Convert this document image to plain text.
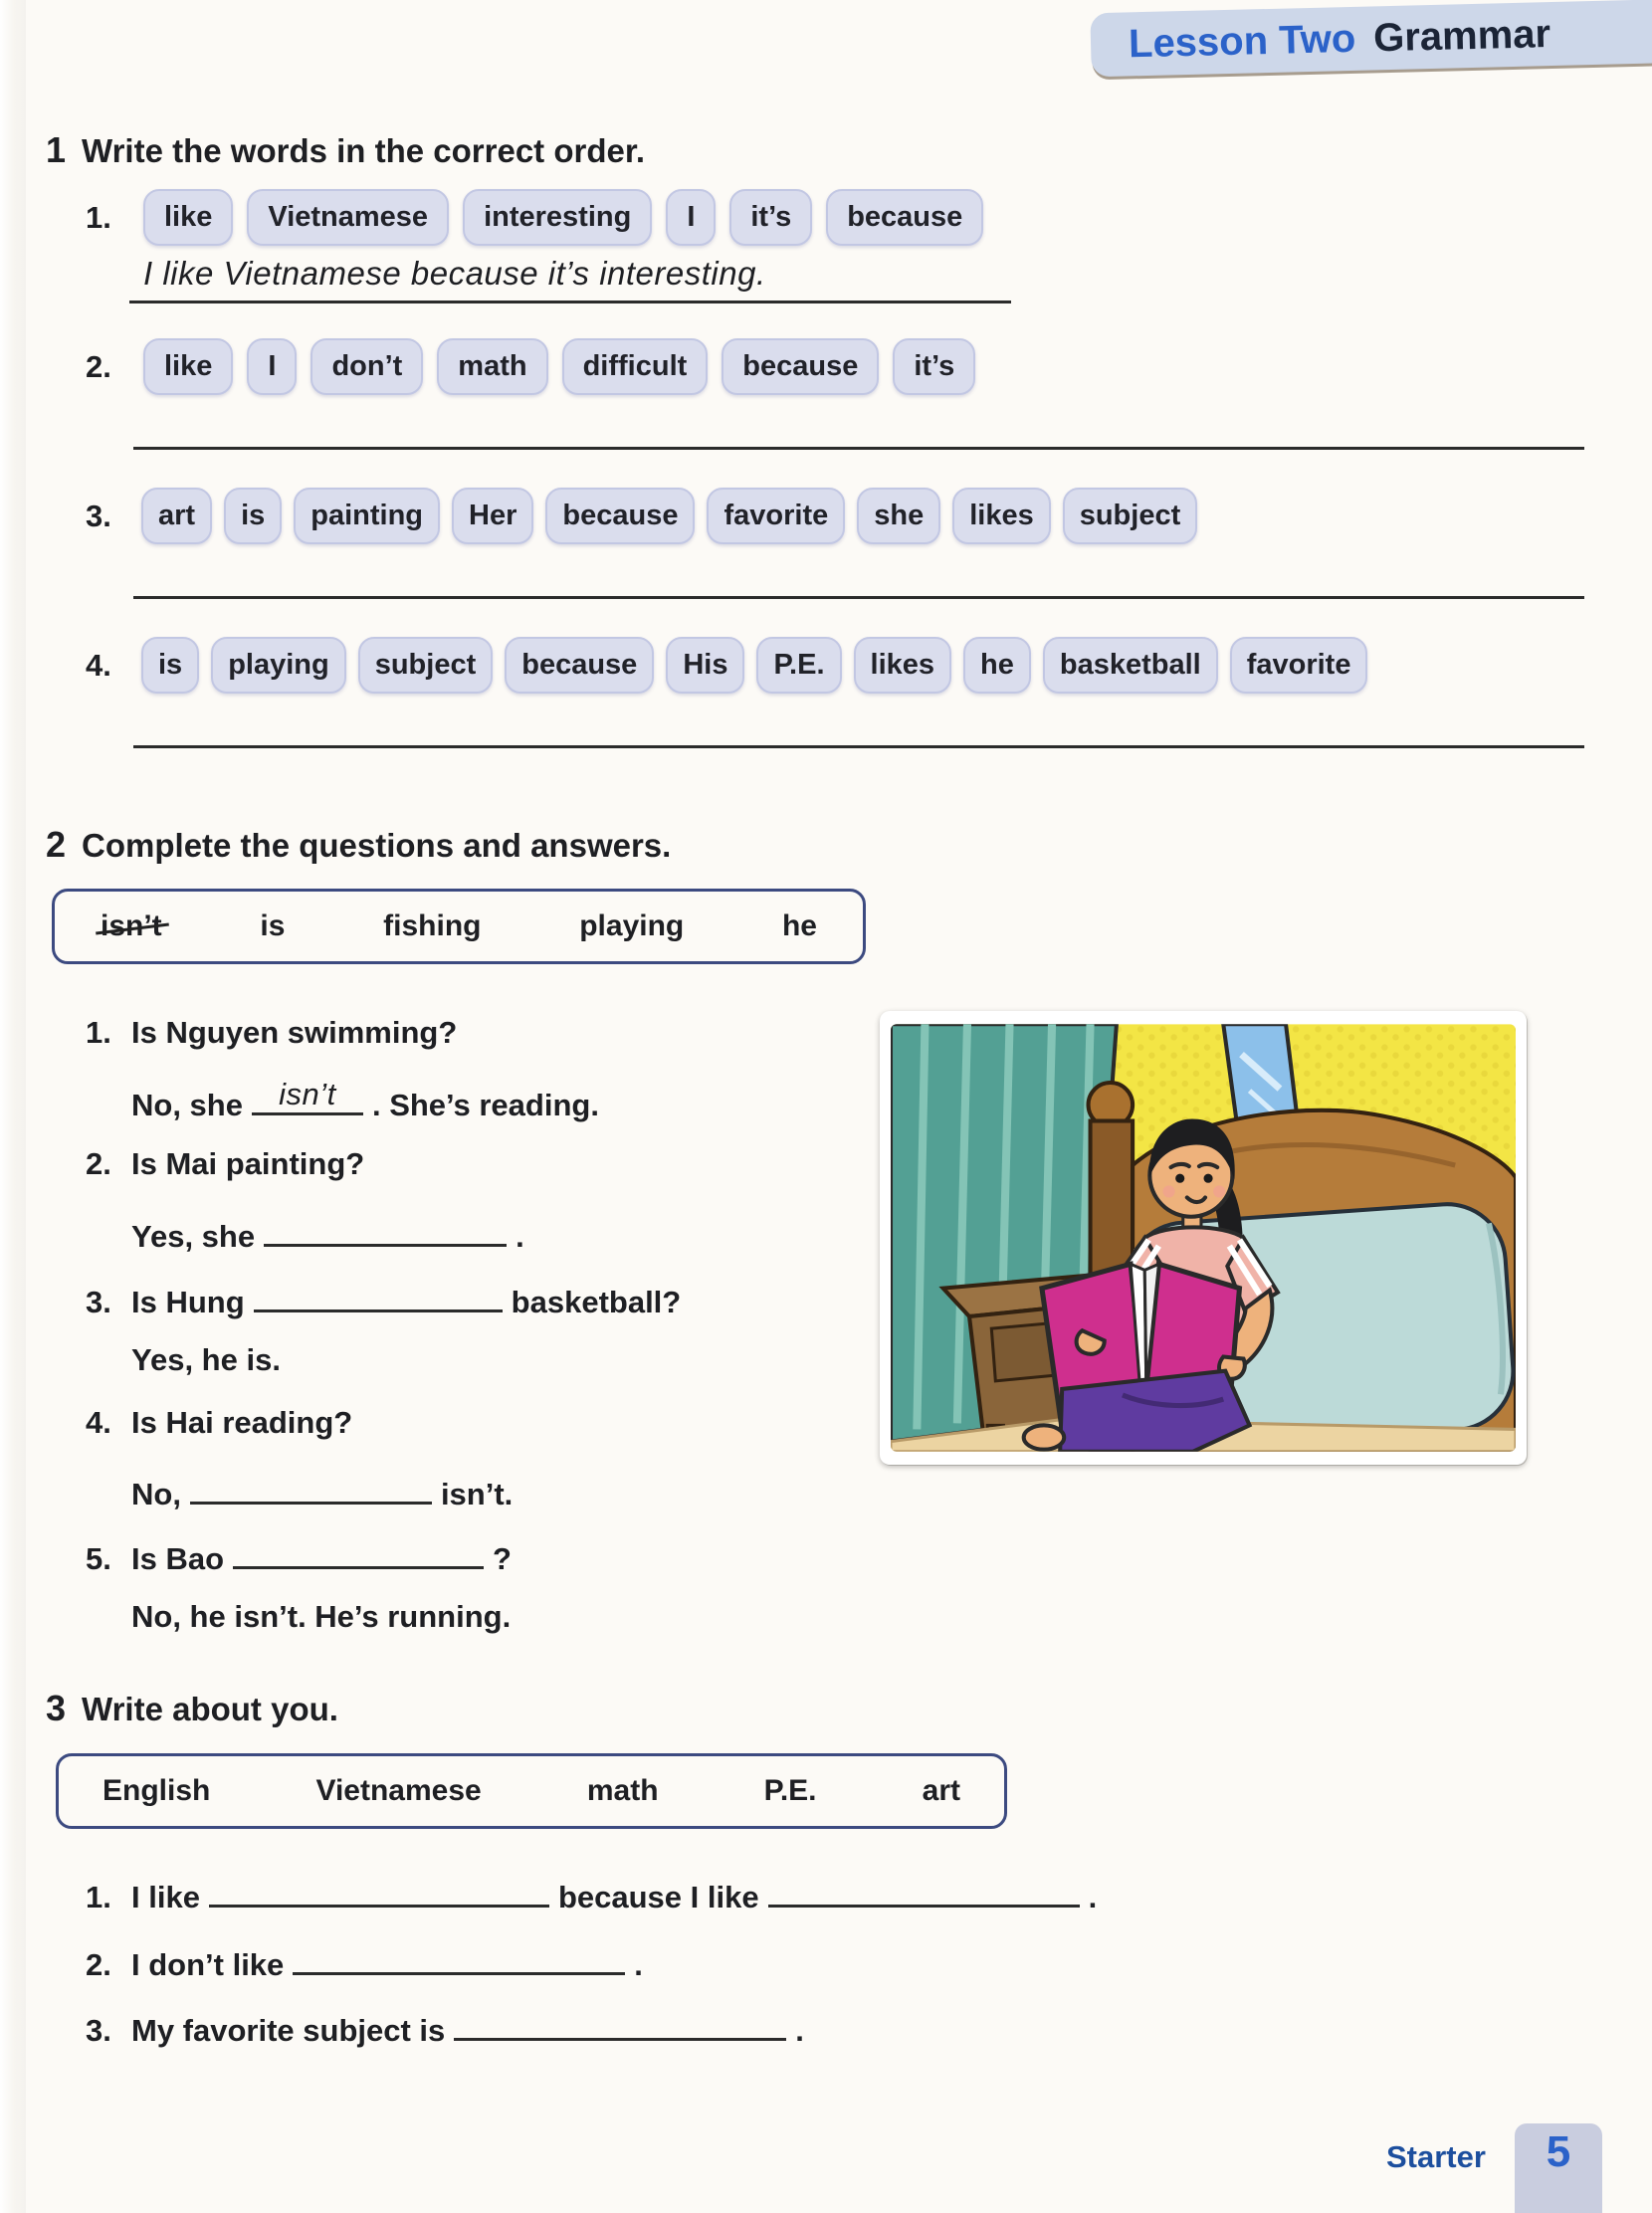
Lesson Two Grammar
1 Write the words in the correct order.
1.	like	Vietnamese	interesting	I	it’s	because
I like Vietnamese because it’s interesting.
2.	like	I	don’t	math	difficult	because	it’s
3.	art	is	painting	Her	because	favorite	she	likes	subject
4.	is	playing	subject	because	His	P.E.	likes	he	basketball	favorite
2 Complete the questions and answers.
isn’t	is	fishing	playing	he
1. Is Nguyen swimming?
No, she	isn’t	. She’s reading.
2. Is Mai painting?
Yes, she	.
3. Is Hung	basketball?
Yes, he is.
4. Is Hai reading?
No,	isn’t.
5. Is Bao	?
No, he isn’t. He’s running.
3 Write about you.
English	Vietnamese	math	P.E.	art
1. I like	because I like	.
2. I don’t like	.
3. My favorite subject is	.
Starter 5
